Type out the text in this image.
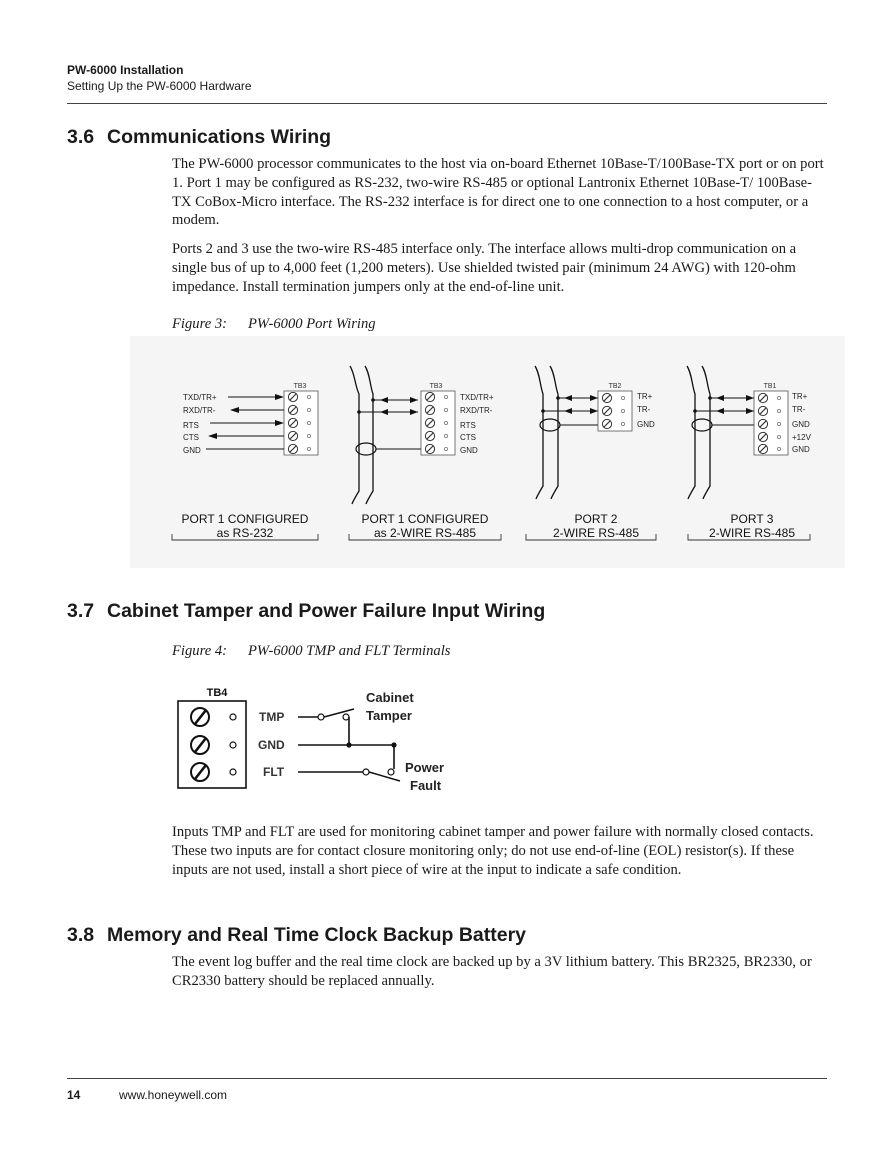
PW-6000 Installation
Setting Up the PW-6000 Hardware
3.6 Communications Wiring

The PW-6000 processor communicates to the host via on-board Ethernet 10Base-T/100Base-TX port or on port 1. Port 1 may be configured as RS-232, two-wire RS-485 or optional Lantronix Ethernet 10Base-T/ 100Base-TX CoBox-Micro interface. The RS-232 interface is for direct one to one connection to a host computer, or a modem.

Ports 2 and 3 use the two-wire RS-485 interface only. The interface allows multi-drop communication on a single bus of up to 4,000 feet (1,200 meters). Use shielded twisted pair (minimum 24 AWG) with 120-ohm impedance. Install termination jumpers only at the end-of-line unit.

Figure 3: PW-6000 Port Wiring
TB3
TXD/TR+
RXD/TR-
RTS
CTS
GND
PORT 1 CONFIGURED
as RS-232
TB3
TXD/TR+
RXD/TR-
RTS
CTS
GND
PORT 1 CONFIGURED
as 2-WIRE RS-485
TB2
TR+
TR-
GND
PORT 2
2-WIRE RS-485
TB1
TR+
TR-
GND
+12V
GND
PORT 3
2-WIRE RS-485
3.7 Cabinet Tamper and Power Failure Input Wiring
Figure 4: PW-6000 TMP and FLT Terminals
TB4
TMP
GND
FLT
Cabinet
Tamper
Power
Fault

Inputs TMP and FLT are used for monitoring cabinet tamper and power failure with normally closed contacts. These two inputs are for contact closure monitoring only; do not use end-of-line (EOL) resistor(s). If these inputs are not used, install a short piece of wire at the input to indicate a safe condition.

3.8 Memory and Real Time Clock Backup Battery

The event log buffer and the real time clock are backed up by a 3V lithium battery. This BR2325, BR2330, or CR2330 battery should be replaced annually.

14	www.honeywell.com
